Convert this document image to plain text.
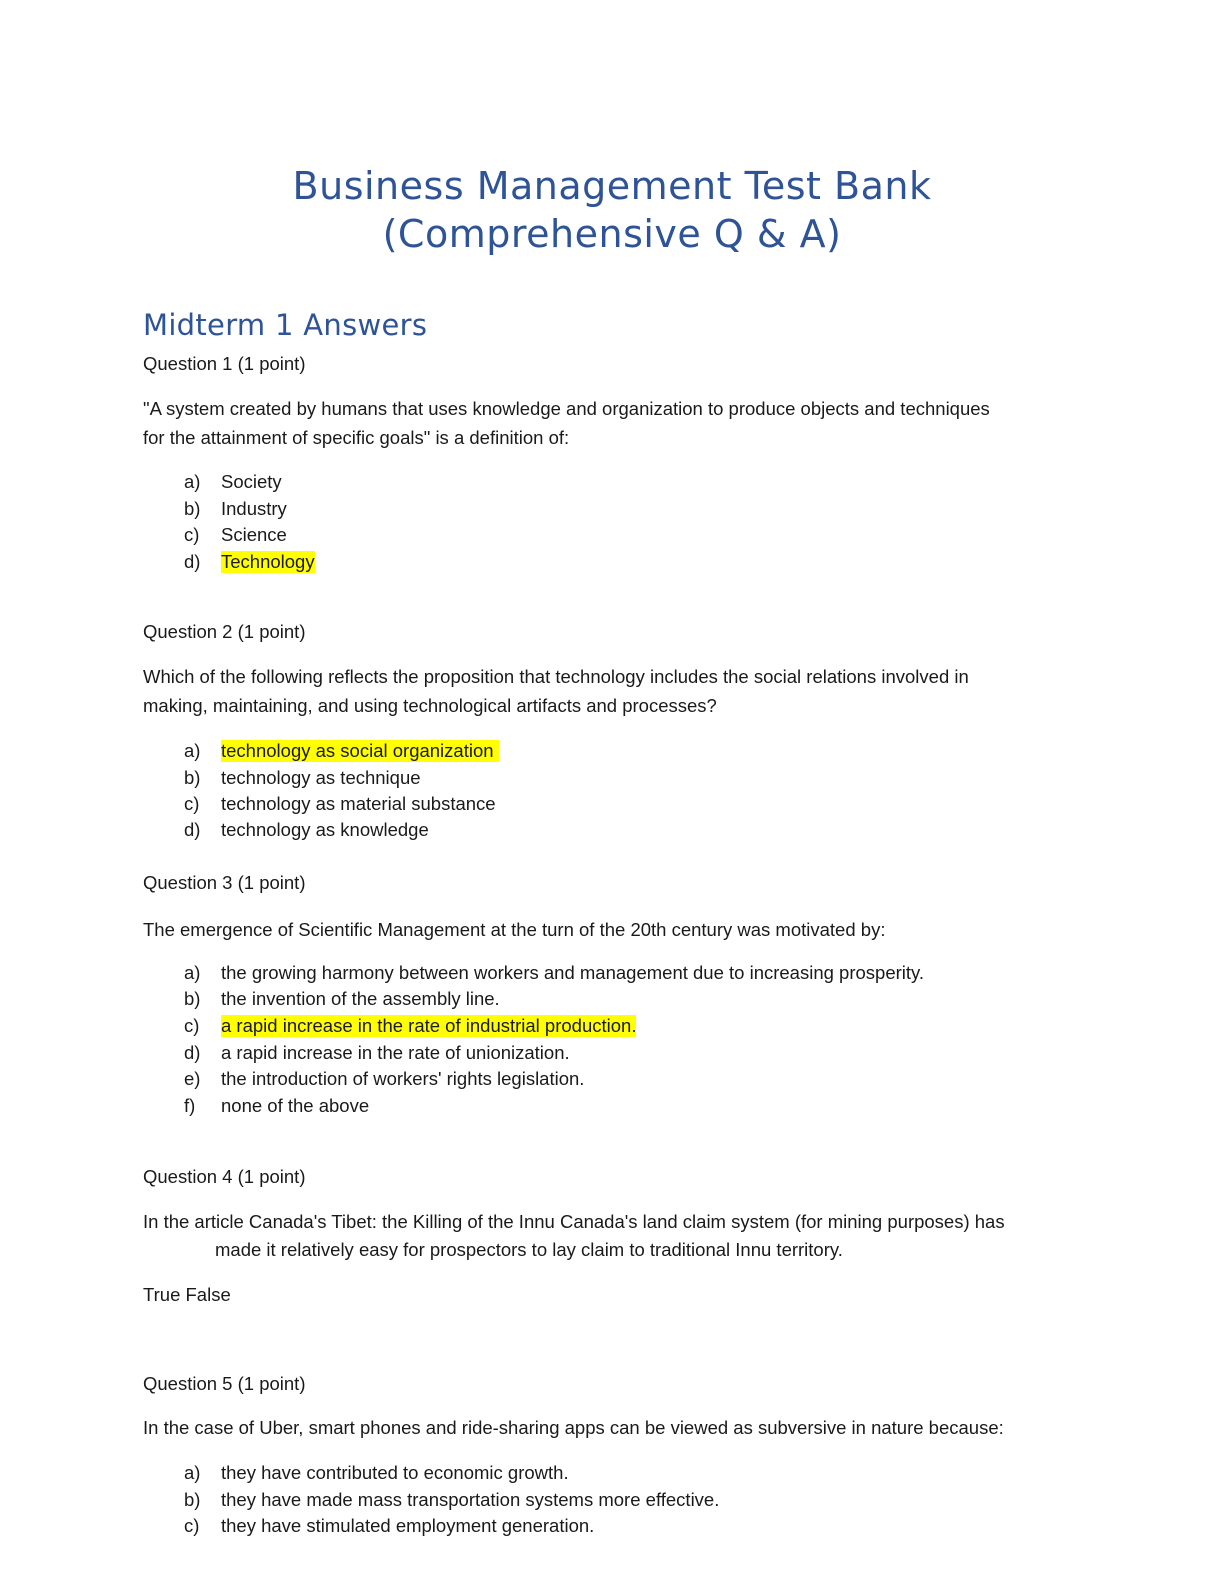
Business Management Test Bank
(Comprehensive Q & A)
Midterm 1 Answers
Question 1 (1 point)
"A system created by humans that uses knowledge and organization to produce objects and techniques
for the attainment of specific goals" is a definition of:
a) Society
b) Industry
c) Science
d) Technology
Question 2 (1 point)
Which of the following reflects the proposition that technology includes the social relations involved in
making, maintaining, and using technological artifacts and processes?
a) technology as social organization
b) technology as technique
c) technology as material substance
d) technology as knowledge
Question 3 (1 point)
The emergence of Scientific Management at the turn of the 20th century was motivated by:
a) the growing harmony between workers and management due to increasing prosperity.
b) the invention of the assembly line.
c) a rapid increase in the rate of industrial production.
d) a rapid increase in the rate of unionization.
e) the introduction of workers' rights legislation.
f) none of the above
Question 4 (1 point)
In the article Canada's Tibet: the Killing of the Innu Canada's land claim system (for mining purposes) has
made it relatively easy for prospectors to lay claim to traditional Innu territory.
True False
Question 5 (1 point)
In the case of Uber, smart phones and ride-sharing apps can be viewed as subversive in nature because:
a) they have contributed to economic growth.
b) they have made mass transportation systems more effective.
c) they have stimulated employment generation.
